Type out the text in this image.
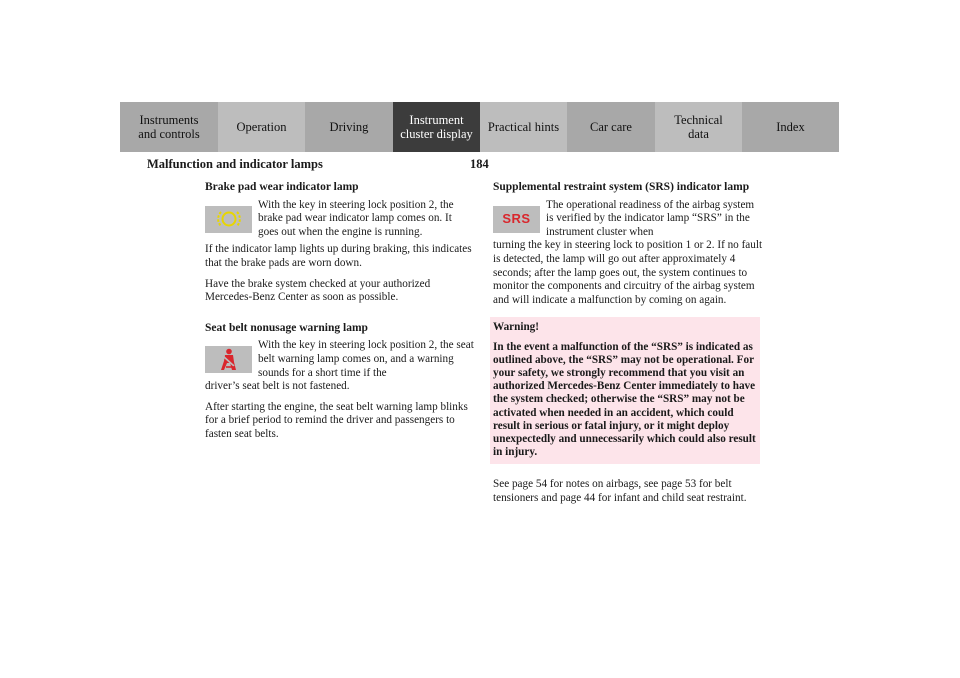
Instruments
and controls	Operation	Driving	Instrument
cluster display	Practical hints	Car care	Technical
data	Index
Malfunction and indicator lamps	184
Brake pad wear indicator lamp
With the key in steering lock position 2, the brake pad wear indicator lamp comes on. It goes out when the engine is running.

If the indicator lamp lights up during braking, this indicates that the brake pads are worn down.

Have the brake system checked at your authorized Mercedes-Benz Center as soon as possible.

Seat belt nonusage warning lamp
With the key in steering lock position 2, the seat belt warning lamp comes on, and a warning sounds for a short time if the

driver’s seat belt is not fastened.

After starting the engine, the seat belt warning lamp blinks for a brief period to remind the driver and passengers to fasten seat belts.

Supplemental restraint system (SRS) indicator lamp
SRS
The operational readiness of the airbag system is verified by the indicator lamp “SRS” in the instrument cluster when

turning the key in steering lock to position 1 or 2. If no fault is detected, the lamp will go out after approximately 4 seconds; after the lamp goes out, the system continues to monitor the components and circuitry of the airbag system and will indicate a malfunction by coming on again.

Warning!
In the event a malfunction of the “SRS” is indicated as outlined above, the “SRS” may not be operational. For your safety, we strongly recommend that you visit an authorized Mercedes-Benz Center immediately to have the system checked; otherwise the “SRS” may not be activated when needed in an accident, which could result in serious or fatal injury, or it might deploy unexpectedly and unnecessarily which could also result in injury.

See page 54 for notes on airbags, see page 53 for belt tensioners and page 44 for infant and child seat restraint.
